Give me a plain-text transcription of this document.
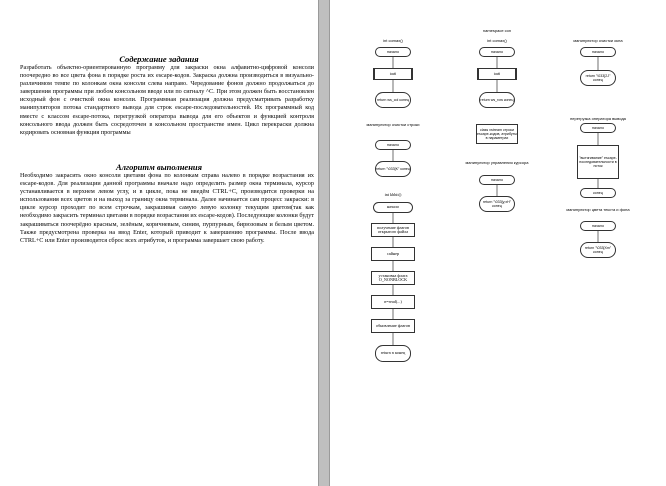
Содержание задания

Разработать объектно-ориентированную программу для закраски окна алфавитно-цифровой консоли поочередно во все цвета фона в порядке роста их escape-кодов. Закраска должна производиться в визуально-различимом темпе по колонкам окна консоли слева направо. Чередование фонов должно продолжаться до завершения программы при любом консольном вводе или по сигналу ^C. При этом должен быть восстановлен исходный фон с очисткой окна консоли. Программная реализация должна предусматривать разработку манипуляторов потока стандартного вывода для строк escape-последовательностей. Их программный код вместе с классом escape-потока, перегрузкой оператора вывода для его объектов и функцией контроля консольного ввода должен быть сосредоточен в консольном пространстве имен. Цикл перекраски должна кодировать основная функция программы

Алгоритм выполнения

Необходимо закрасить окно консоли цветами фона по колонкам справа налево в порядке возрастания их escape-кодов. Для реализации данной программы вначале надо определить размер окна терминала, курсор устанавливается в верхнем левом углу, и в цикле, пока не введём CTRL+C, производится проверки на использования всех цветов и на выход за границу окна терминала. Далее начинается сам процесс закраски: в цикле курсор проходит по всем строчкам, закрашивая самую левую колонку текущим цветом(так как необходимо закрасить терминал цветами в порядке возрастания их escape-кодов). Последующие колонки будут закрашиваться поочерёдно красным, зелёным, коричневым, синим, пурпурным, бирюзовым и белым цветом. Также предусмотрена проверка на ввод Enter, который приводит к завершению программы. После ввода CTRL+C или Enter производится сброс всех атрибутов, и программа завершает свою работу.

namespace con
int comax()
начало
ioctl
return ws_col конец
int comax()
начало
ioctl
return ws_row конец
манипулятор очистки окна
начало
return "\033[2J" конец
манипулятор очистки строки
начало
return "\033[K" конец
class xstream строки escape-кодов, атрибуты в параметрах
манипулятор управления курсора
начало
return "\033[y;xH" конец
перегрузка оператора вывода
начало
"вытягивание" escape-последовательности в поток
конец
манипулятор цвета текста и фона
начало
return "\033[Xm" конец
int kbhit()
начало
получение флагов открытого файла
сайнер
установка флага O_NONBLOCK
n=read(...)
обновление флагов
return n конец
